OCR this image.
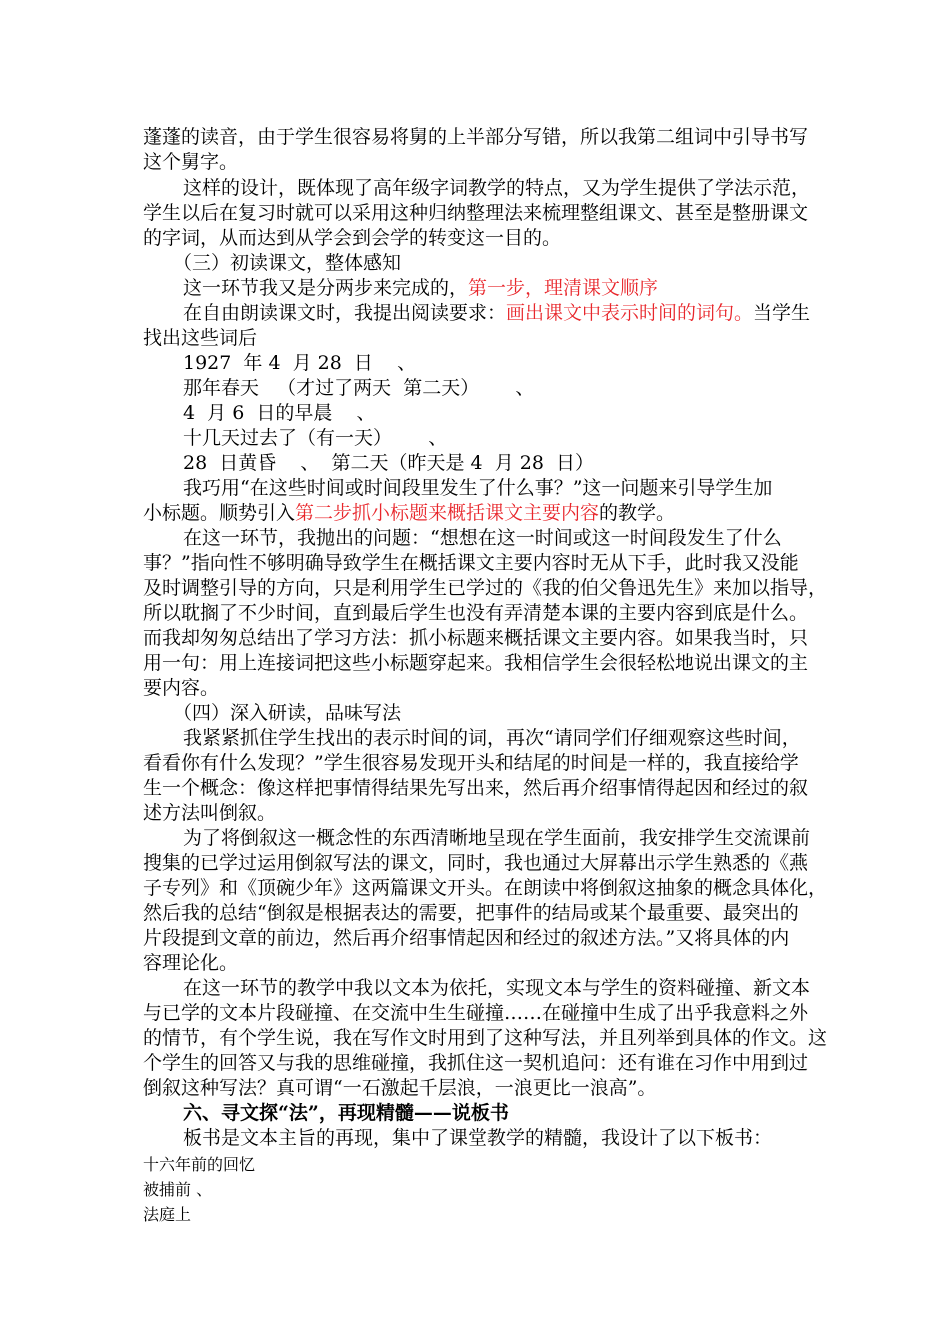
蓬蓬的读音，由于学生很容易将舅的上半部分写错，所以我第二组词中引导书写
这个舅字。
这样的设计，既体现了高年级字词教学的特点，又为学生提供了学法示范，
学生以后在复习时就可以采用这种归纳整理法来梳理整组课文、甚至是整册课文
的字词，从而达到从学会到会学的转变这一目的。
（三）初读课文，整体感知
这一环节我又是分两步来完成的，第一步，理清课文顺序
在自由朗读课文时，我提出阅读要求：画出课文中表示时间的词句。当学生
找出这些词后
1927  年 4  月 28  日    、
那年春天   （才过了两天  第二天）      、
4  月 6  日的早晨    、
十几天过去了（有一天）      、
28  日黄昏    、  第二天（昨天是 4  月 28  日）
我巧用“在这些时间或时间段里发生了什么事？”这一问题来引导学生加
小标题。顺势引入第二步抓小标题来概括课文主要内容的教学。
在这一环节，我抛出的问题：“想想在这一时间或这一时间段发生了什么
事？”指向性不够明确导致学生在概括课文主要内容时无从下手，此时我又没能
及时调整引导的方向，只是利用学生已学过的《我的伯父鲁迅先生》来加以指导，
所以耽搁了不少时间，直到最后学生也没有弄清楚本课的主要内容到底是什么。
而我却匆匆总结出了学习方法：抓小标题来概括课文主要内容。如果我当时，只
用一句：用上连接词把这些小标题穿起来。我相信学生会很轻松地说出课文的主
要内容。
（四）深入研读，品味写法
我紧紧抓住学生找出的表示时间的词，再次“请同学们仔细观察这些时间，
看看你有什么发现？”学生很容易发现开头和结尾的时间是一样的，我直接给学
生一个概念：像这样把事情得结果先写出来，然后再介绍事情得起因和经过的叙
述方法叫倒叙。
为了将倒叙这一概念性的东西清晰地呈现在学生面前，我安排学生交流课前
搜集的已学过运用倒叙写法的课文，同时，我也通过大屏幕出示学生熟悉的《燕
子专列》和《顶碗少年》这两篇课文开头。在朗读中将倒叙这抽象的概念具体化，
然后我的总结“倒叙是根据表达的需要，把事件的结局或某个最重要、最突出的
片段提到文章的前边，然后再介绍事情起因和经过的叙述方法。”又将具体的内
容理论化。
在这一环节的教学中我以文本为依托，实现文本与学生的资料碰撞、新文本
与已学的文本片段碰撞、在交流中生生碰撞……在碰撞中生成了出乎我意料之外
的情节，有个学生说，我在写作文时用到了这种写法，并且列举到具体的作文。这
个学生的回答又与我的思维碰撞，我抓住这一契机追问：还有谁在习作中用到过
倒叙这种写法？真可谓“一石激起千层浪，一浪更比一浪高”。
六、寻文探“法”，再现精髓——说板书
板书是文本主旨的再现，集中了课堂教学的精髓，我设计了以下板书：
十六年前的回忆
被捕前 、
法庭上
